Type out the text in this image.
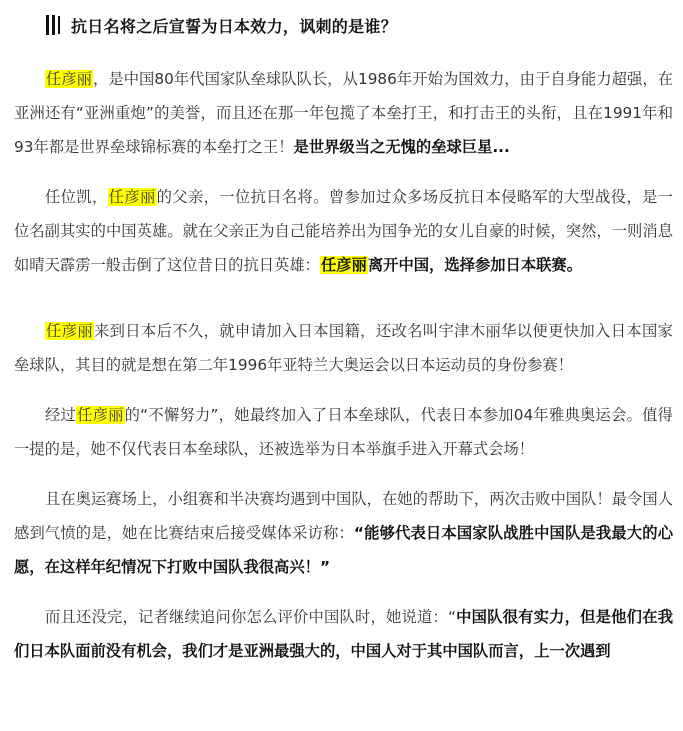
抗日名将之后宣誓为日本效力，讽刺的是谁？

任彦丽，是中国80年代国家队垒球队队长，从1986年开始为国效力，由于自身能力超强，在亚洲还有“亚洲重炮”的美誉，而且还在那一年包揽了本垒打王，和打击王的头衔，且在1991年和93年都是世界垒球锦标赛的本垒打之王！是世界级当之无愧的垒球巨星...

任位凯，任彦丽的父亲，一位抗日名将。曾参加过众多场反抗日本侵略军的大型战役，是一位名副其实的中国英雄。就在父亲正为自己能培养出为国争光的女儿自豪的时候，突然，一则消息如晴天霹雳一般击倒了这位昔日的抗日英雄：任彦丽离开中国，选择参加日本联赛。

任彦丽来到日本后不久，就申请加入日本国籍，还改名叫宇津木丽华以便更快加入日本国家垒球队，其目的就是想在第二年1996年亚特兰大奥运会以日本运动员的身份参赛！

经过任彦丽的“不懈努力”，她最终加入了日本垒球队，代表日本参加04年雅典奥运会。值得一提的是，她不仅代表日本垒球队，还被选举为日本举旗手进入开幕式会场！

且在奥运赛场上，小组赛和半决赛均遇到中国队，在她的帮助下，两次击败中国队！最令国人感到气愤的是，她在比赛结束后接受媒体采访称：“能够代表日本国家队战胜中国队是我最大的心愿，在这样年纪情况下打败中国队我很高兴！”

而且还没完，记者继续追问你怎么评价中国队时，她说道：“中国队很有实力，但是他们在我们日本队面前没有机会，我们才是亚洲最强大的，中国人对于其中国队而言，上一次遇到
